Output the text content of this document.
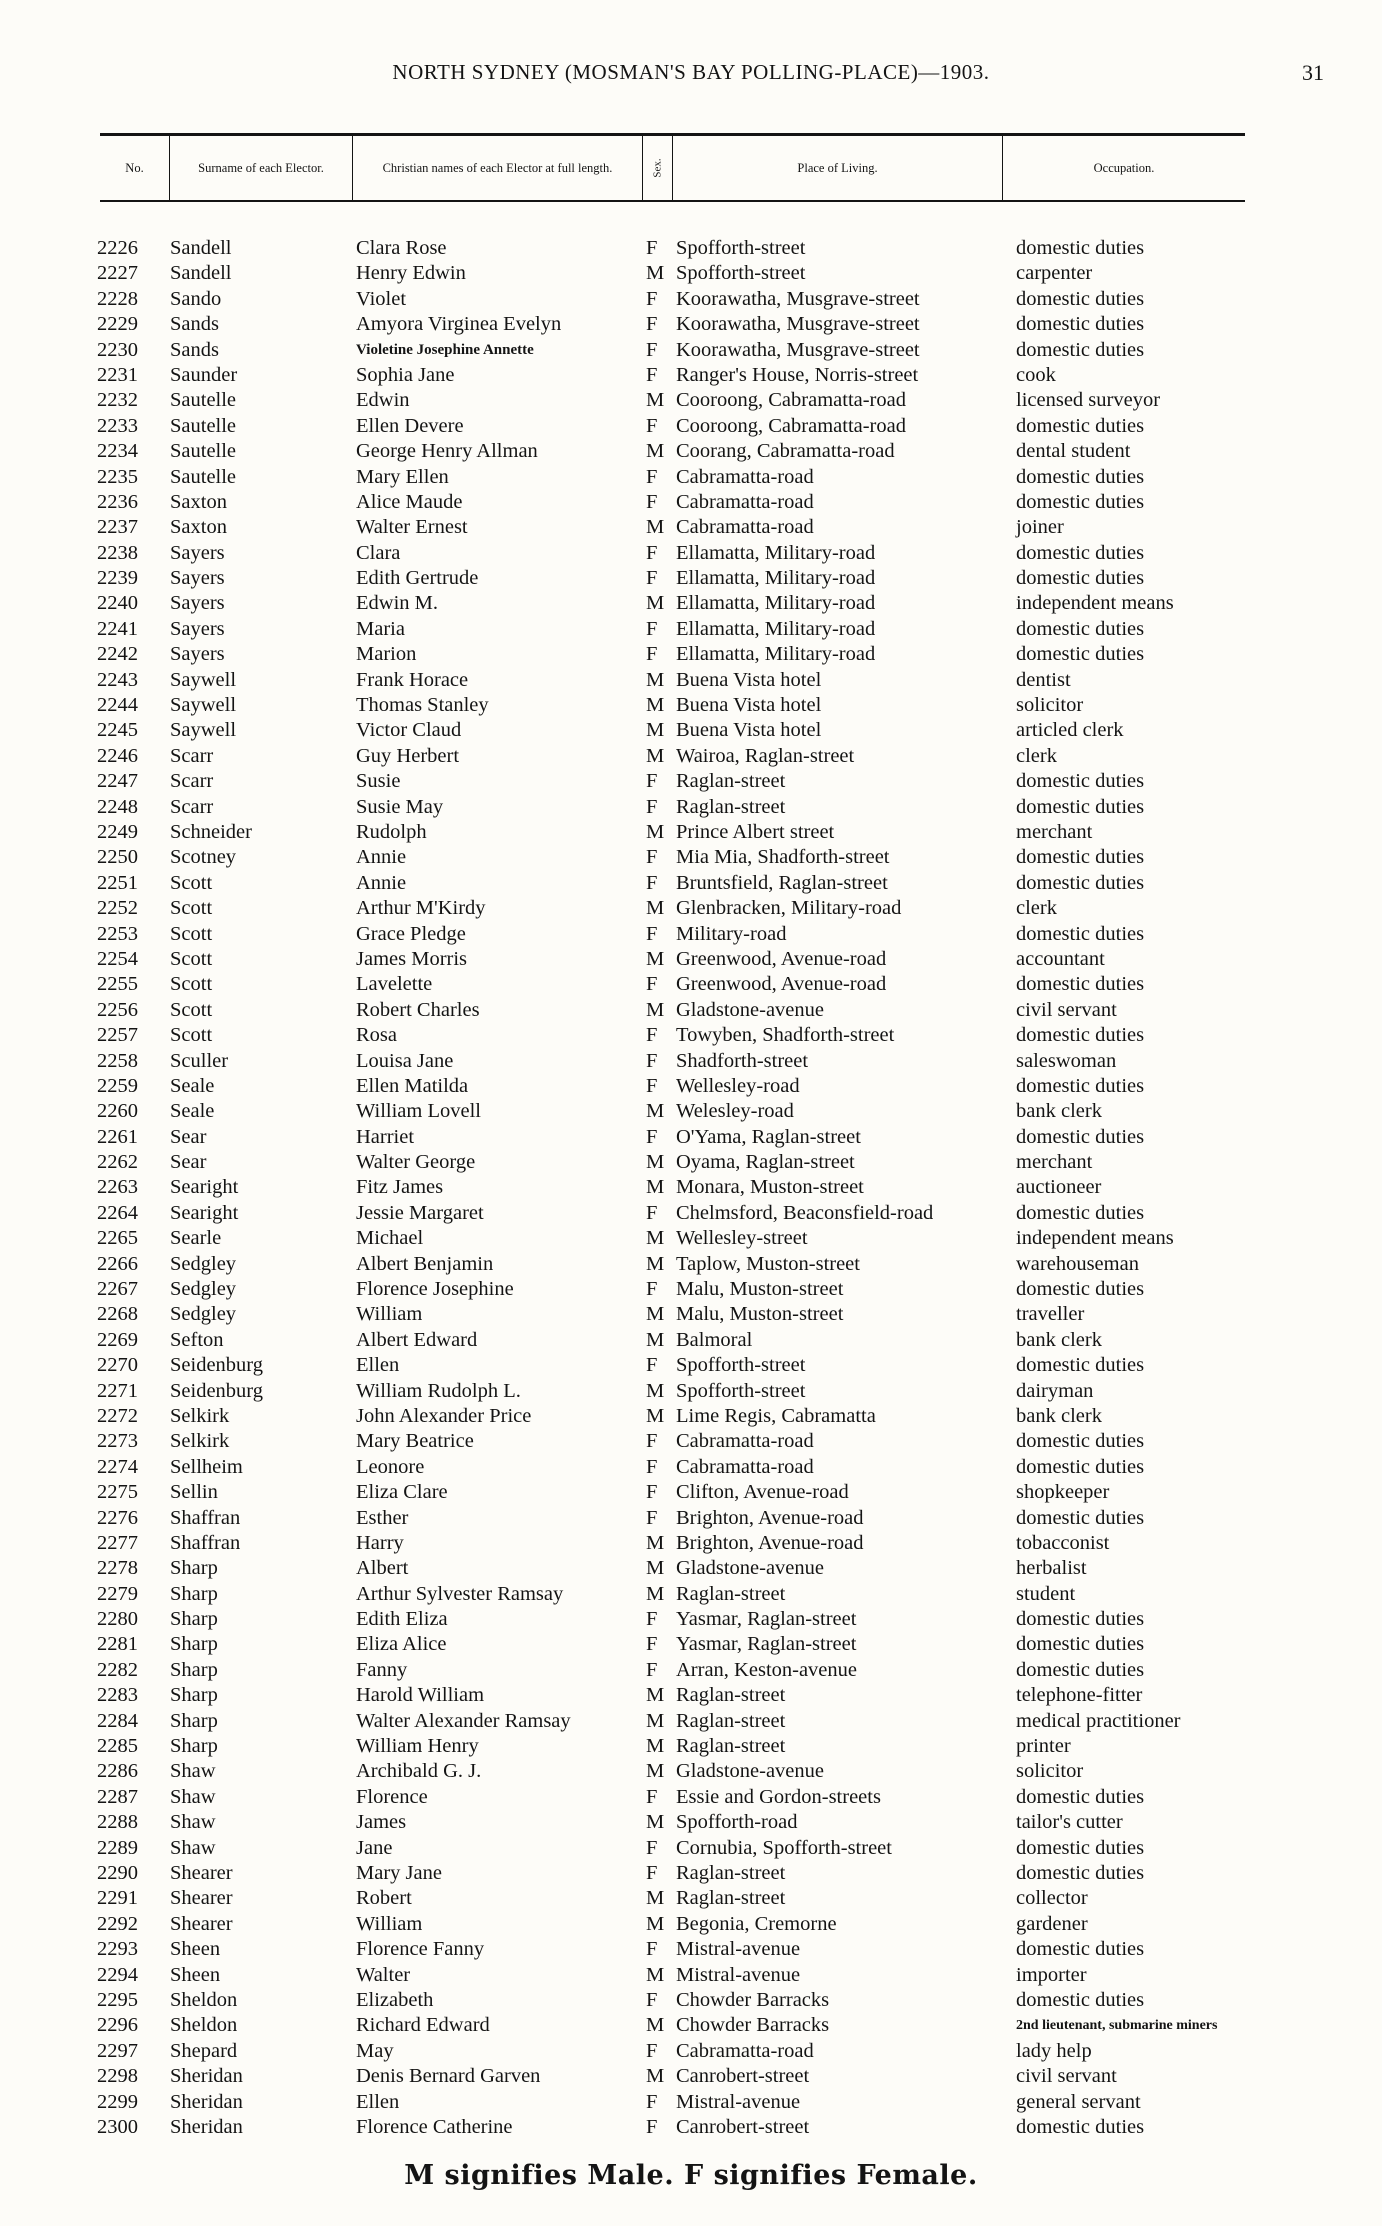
NORTH SYDNEY (MOSMAN'S BAY POLLING-PLACE)—1903.	31
No.	Surname of each Elector.	Christian names of each Elector at full length.	Sex.	Place of Living.	Occupation.
2226 Sandell	Clara Rose	F Spofforth-street	domestic duties
2227 Sandell	Henry Edwin	M Spofforth-street	carpenter
2228 Sando	Violet	F Koorawatha, Musgrave-street	domestic duties
2229 Sands	Amyora Virginea Evelyn	F Koorawatha, Musgrave-street	domestic duties
2230 Sands	Violetine Josephine Annette	F Koorawatha, Musgrave-street	domestic duties
2231 Saunder	Sophia Jane	F Ranger's House, Norris-street	cook
2232 Sautelle	Edwin	M Cooroong, Cabramatta-road	licensed surveyor
2233 Sautelle	Ellen Devere	F Cooroong, Cabramatta-road	domestic duties
2234 Sautelle	George Henry Allman	M Coorang, Cabramatta-road	dental student
2235 Sautelle	Mary Ellen	F Cabramatta-road	domestic duties
2236 Saxton	Alice Maude	F Cabramatta-road	domestic duties
2237 Saxton	Walter Ernest	M Cabramatta-road	joiner
2238 Sayers	Clara	F Ellamatta, Military-road	domestic duties
2239 Sayers	Edith Gertrude	F Ellamatta, Military-road	domestic duties
2240 Sayers	Edwin M.	M Ellamatta, Military-road	independent means
2241 Sayers	Maria	F Ellamatta, Military-road	domestic duties
2242 Sayers	Marion	F Ellamatta, Military-road	domestic duties
2243 Saywell	Frank Horace	M Buena Vista hotel	dentist
2244 Saywell	Thomas Stanley	M Buena Vista hotel	solicitor
2245 Saywell	Victor Claud	M Buena Vista hotel	articled clerk
2246 Scarr	Guy Herbert	M Wairoa, Raglan-street	clerk
2247 Scarr	Susie	F Raglan-street	domestic duties
2248 Scarr	Susie May	F Raglan-street	domestic duties
2249 Schneider	Rudolph	M Prince Albert street	merchant
2250 Scotney	Annie	F Mia Mia, Shadforth-street	domestic duties
2251 Scott	Annie	F Bruntsfield, Raglan-street	domestic duties
2252 Scott	Arthur M'Kirdy	M Glenbracken, Military-road	clerk
2253 Scott	Grace Pledge	F Military-road	domestic duties
2254 Scott	James Morris	M Greenwood, Avenue-road	accountant
2255 Scott	Lavelette	F Greenwood, Avenue-road	domestic duties
2256 Scott	Robert Charles	M Gladstone-avenue	civil servant
2257 Scott	Rosa	F Towyben, Shadforth-street	domestic duties
2258 Sculler	Louisa Jane	F Shadforth-street	saleswoman
2259 Seale	Ellen Matilda	F Wellesley-road	domestic duties
2260 Seale	William Lovell	M Welesley-road	bank clerk
2261 Sear	Harriet	F O'Yama, Raglan-street	domestic duties
2262 Sear	Walter George	M Oyama, Raglan-street	merchant
2263 Searight	Fitz James	M Monara, Muston-street	auctioneer
2264 Searight	Jessie Margaret	F Chelmsford, Beaconsfield-road	domestic duties
2265 Searle	Michael	M Wellesley-street	independent means
2266 Sedgley	Albert Benjamin	M Taplow, Muston-street	warehouseman
2267 Sedgley	Florence Josephine	F Malu, Muston-street	domestic duties
2268 Sedgley	William	M Malu, Muston-street	traveller
2269 Sefton	Albert Edward	M Balmoral	bank clerk
2270 Seidenburg	Ellen	F Spofforth-street	domestic duties
2271 Seidenburg	William Rudolph L.	M Spofforth-street	dairyman
2272 Selkirk	John Alexander Price	M Lime Regis, Cabramatta	bank clerk
2273 Selkirk	Mary Beatrice	F Cabramatta-road	domestic duties
2274 Sellheim	Leonore	F Cabramatta-road	domestic duties
2275 Sellin	Eliza Clare	F Clifton, Avenue-road	shopkeeper
2276 Shaffran	Esther	F Brighton, Avenue-road	domestic duties
2277 Shaffran	Harry	M Brighton, Avenue-road	tobacconist
2278 Sharp	Albert	M Gladstone-avenue	herbalist
2279 Sharp	Arthur Sylvester Ramsay	M Raglan-street	student
2280 Sharp	Edith Eliza	F Yasmar, Raglan-street	domestic duties
2281 Sharp	Eliza Alice	F Yasmar, Raglan-street	domestic duties
2282 Sharp	Fanny	F Arran, Keston-avenue	domestic duties
2283 Sharp	Harold William	M Raglan-street	telephone-fitter
2284 Sharp	Walter Alexander Ramsay	M Raglan-street	medical practitioner
2285 Sharp	William Henry	M Raglan-street	printer
2286 Shaw	Archibald G. J.	M Gladstone-avenue	solicitor
2287 Shaw	Florence	F Essie and Gordon-streets	domestic duties
2288 Shaw	James	M Spofforth-road	tailor's cutter
2289 Shaw	Jane	F Cornubia, Spofforth-street	domestic duties
2290 Shearer	Mary Jane	F Raglan-street	domestic duties
2291 Shearer	Robert	M Raglan-street	collector
2292 Shearer	William	M Begonia, Cremorne	gardener
2293 Sheen	Florence Fanny	F Mistral-avenue	domestic duties
2294 Sheen	Walter	M Mistral-avenue	importer
2295 Sheldon	Elizabeth	F Chowder Barracks	domestic duties
2296 Sheldon	Richard Edward	M Chowder Barracks	2nd lieutenant, submarine miners
2297 Shepard	May	F Cabramatta-road	lady help
2298 Sheridan	Denis Bernard Garven	M Canrobert-street	civil servant
2299 Sheridan	Ellen	F Mistral-avenue	general servant
2300 Sheridan	Florence Catherine	F Canrobert-street	domestic duties
M signifies Male. F signifies Female.
